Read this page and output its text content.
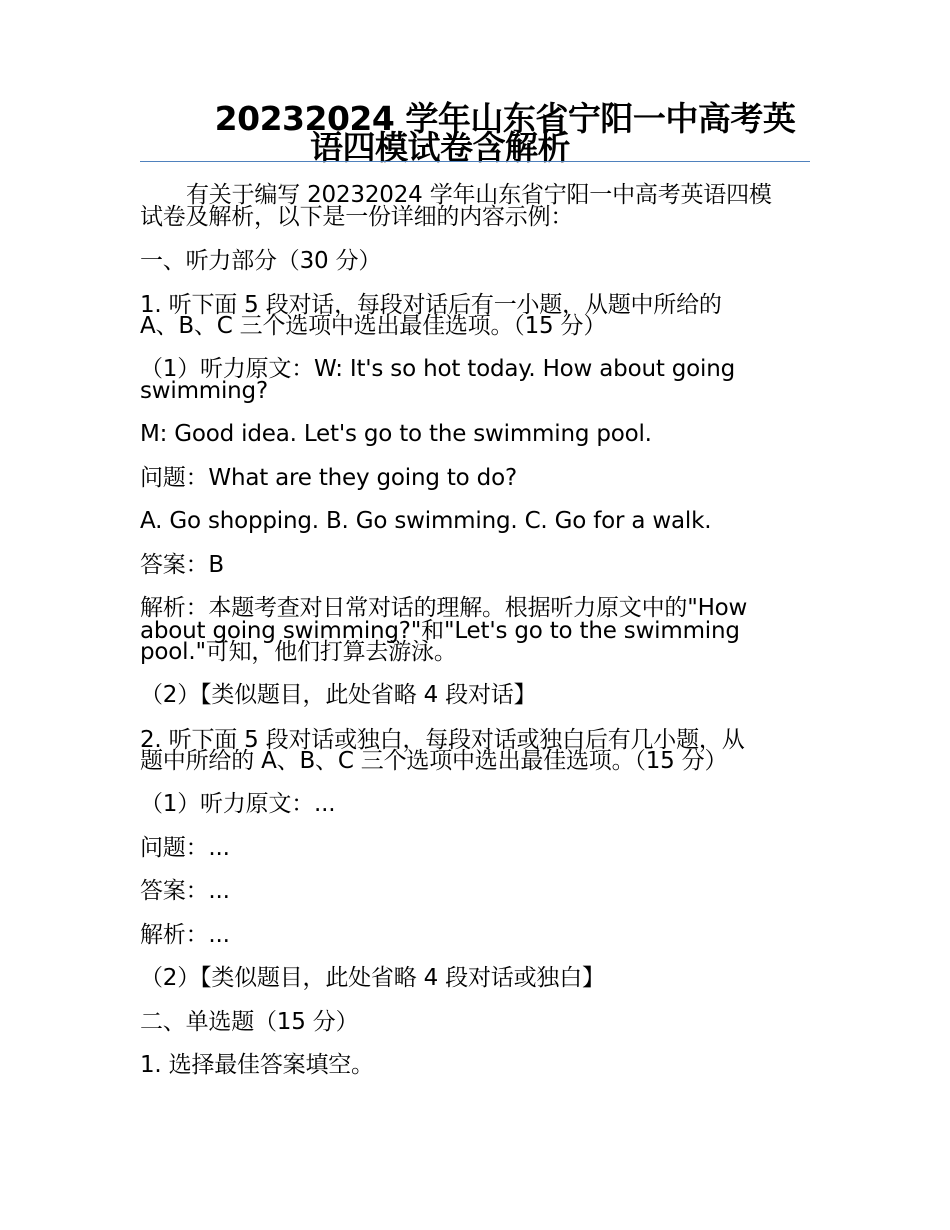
20232024 学年山东省宁阳一中高考英
语四模试卷含解析
有关于编写 20232024 学年山东省宁阳一中高考英语四模
试卷及解析，以下是一份详细的内容示例：
一、听力部分（30 分）
1. 听下面 5 段对话，每段对话后有一小题，从题中所给的
A、B、C 三个选项中选出最佳选项。（15 分）
（1）听力原文：W: It's so hot today. How about going
swimming?
M: Good idea. Let's go to the swimming pool.
问题：What are they going to do?
A. Go shopping. B. Go swimming. C. Go for a walk.
答案：B
解析：本题考查对日常对话的理解。根据听力原文中的"How
about going swimming?"和"Let's go to the swimming
pool."可知，他们打算去游泳。
（2）【类似题目，此处省略 4 段对话】
2. 听下面 5 段对话或独白，每段对话或独白后有几小题，从
题中所给的 A、B、C 三个选项中选出最佳选项。（15 分）
（1）听力原文：...
问题：...
答案：...
解析：...
（2）【类似题目，此处省略 4 段对话或独白】
二、单选题（15 分）
1. 选择最佳答案填空。
